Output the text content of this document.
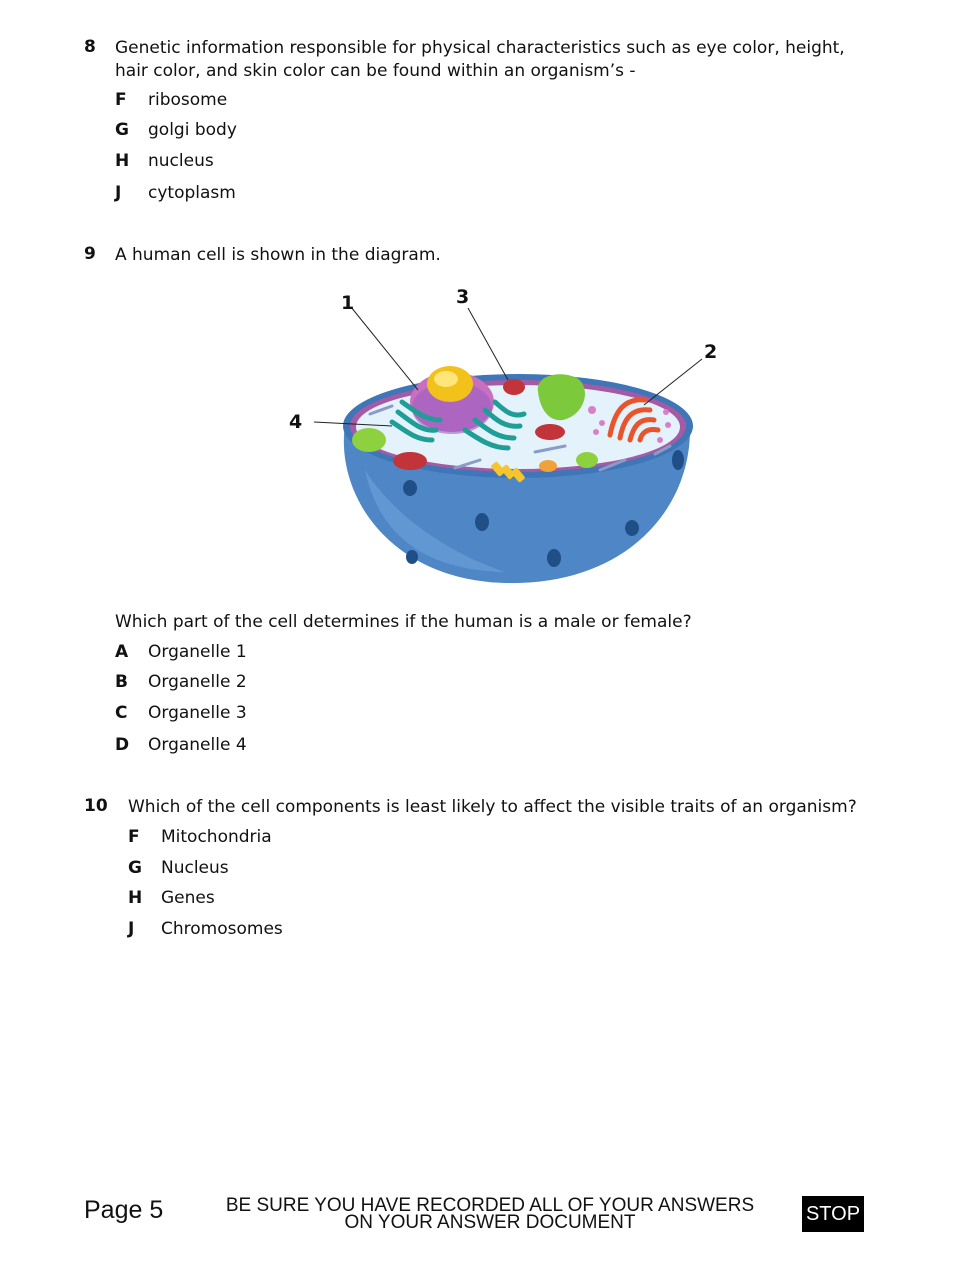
8 Genetic information responsible for physical characteristics such as eye color, height,
hair color, and skin color can be found within an organism’s -
F ribosome
G golgi body
H nucleus
J cytoplasm
9 A human cell is shown in the diagram.
1
2
3
4
Which part of the cell determines if the human is a male or female?
A Organelle 1
B Organelle 2
C Organelle 3
D Organelle 4
10 Which of the cell components is least likely to affect the visible traits of an organism?
F Mitochondria
G Nucleus
H Genes
J Chromosomes
Page 5	BE SURE YOU HAVE RECORDED ALL OF YOUR ANSWERS
ON YOUR ANSWER DOCUMENT	STOP
